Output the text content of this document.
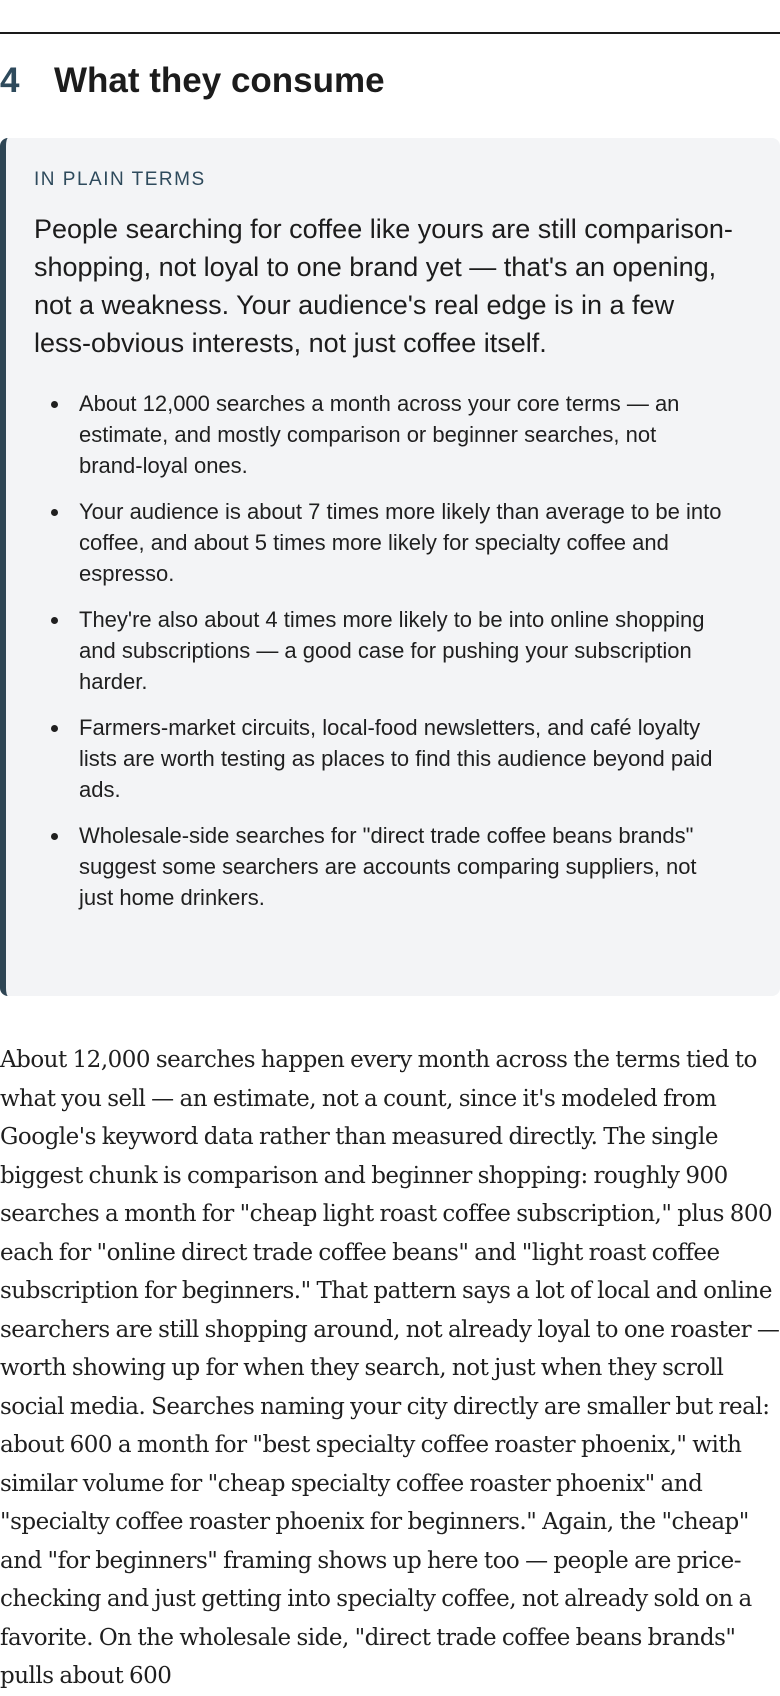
4 What they consume

IN PLAIN TERMS

People searching for coffee like yours are still comparison-shopping, not loyal to one brand yet — that's an opening, not a weakness. Your audience's real edge is in a few less-obvious interests, not just coffee itself.

About 12,000 searches a month across your core terms — an estimate, and mostly comparison or beginner searches, not brand-loyal ones.
Your audience is about 7 times more likely than average to be into coffee, and about 5 times more likely for specialty coffee and espresso.
They're also about 4 times more likely to be into online shopping and subscriptions — a good case for pushing your subscription harder.
Farmers-market circuits, local-food newsletters, and café loyalty lists are worth testing as places to find this audience beyond paid ads.
Wholesale-side searches for "direct trade coffee beans brands" suggest some searchers are accounts comparing suppliers, not just home drinkers.

About 12,000 searches happen every month across the terms tied to what you sell — an estimate, not a count, since it's modeled from Google's keyword data rather than measured directly. The single biggest chunk is comparison and beginner shopping: roughly 900 searches a month for "cheap light roast coffee subscription," plus 800 each for "online direct trade coffee beans" and "light roast coffee subscription for beginners." That pattern says a lot of local and online searchers are still shopping around, not already loyal to one roaster — worth showing up for when they search, not just when they scroll social media. Searches naming your city directly are smaller but real: about 600 a month for "best specialty coffee roaster phoenix," with similar volume for "cheap specialty coffee roaster phoenix" and "specialty coffee roaster phoenix for beginners." Again, the "cheap" and "for beginners" framing shows up here too — people are price-checking and just getting into specialty coffee, not already sold on a favorite. On the wholesale side, "direct trade coffee beans brands" pulls about 600
